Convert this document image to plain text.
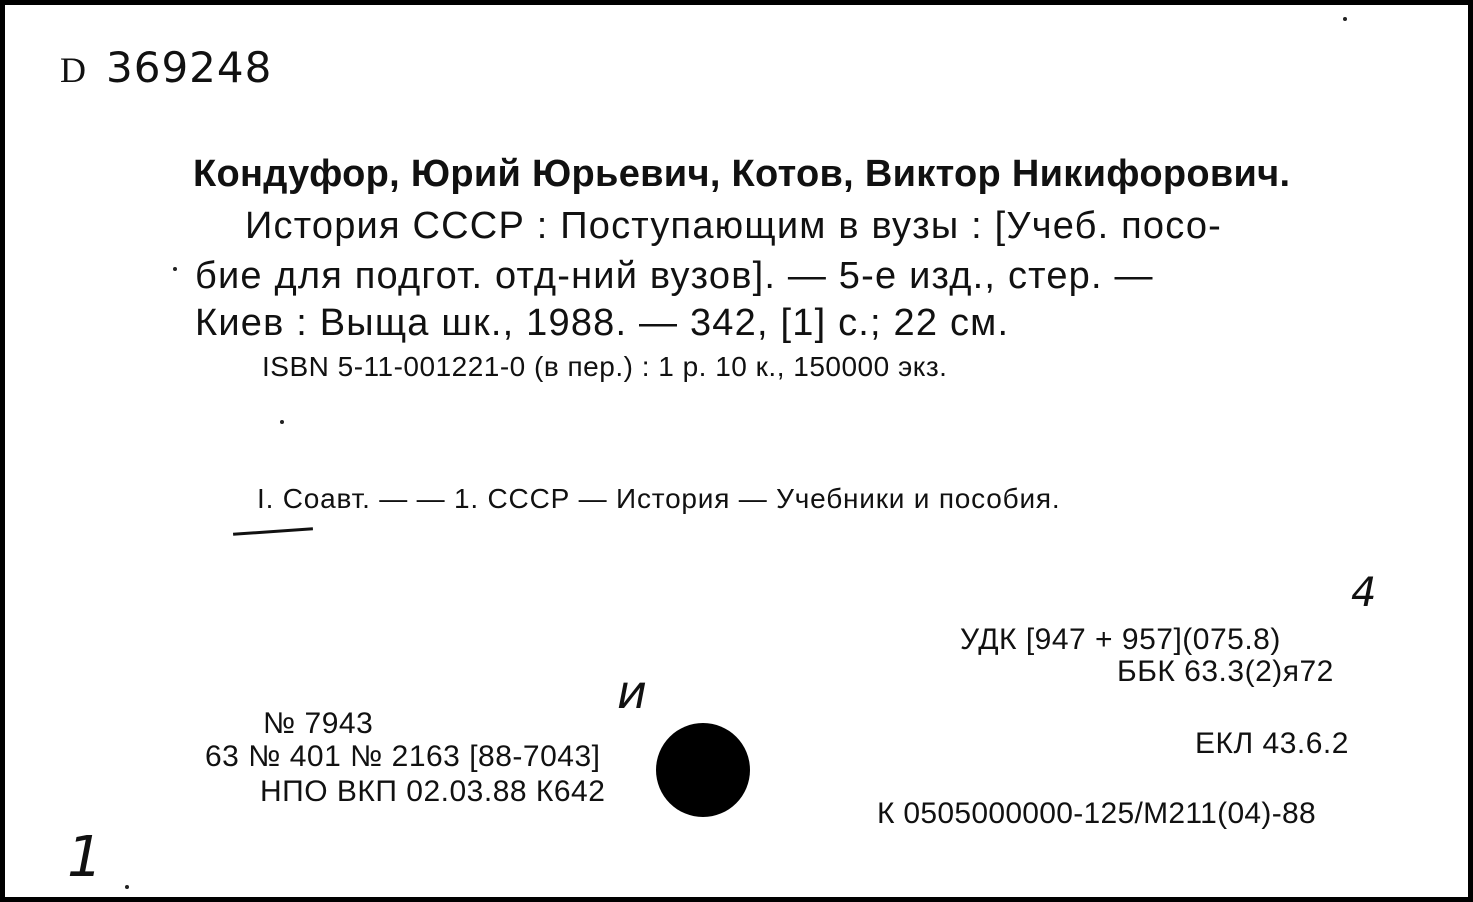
D 369248
Кондуфор, Юрий Юрьевич, Котов, Виктор Никифорович.
История СССР : Поступающим в вузы : [Учеб. посо-
бие для подгот. отд-ний вузов]. — 5-е изд., стер. —
Киев : Выща шк., 1988. — 342, [1] с.; 22 см.
ISBN 5-11-001221-0 (в пер.) : 1 р. 10 к., 150000 экз.
I. Соавт. — — 1. СССР — История — Учебники и пособия.
4
УДК [947 + 957](075.8)
ББК 63.3(2)я72
ЕКЛ 43.6.2
К 0505000000-125/М211(04)-88
и
№ 7943
63 № 401 № 2163 [88-7043]
НПО ВКП 02.03.88 К642
1
